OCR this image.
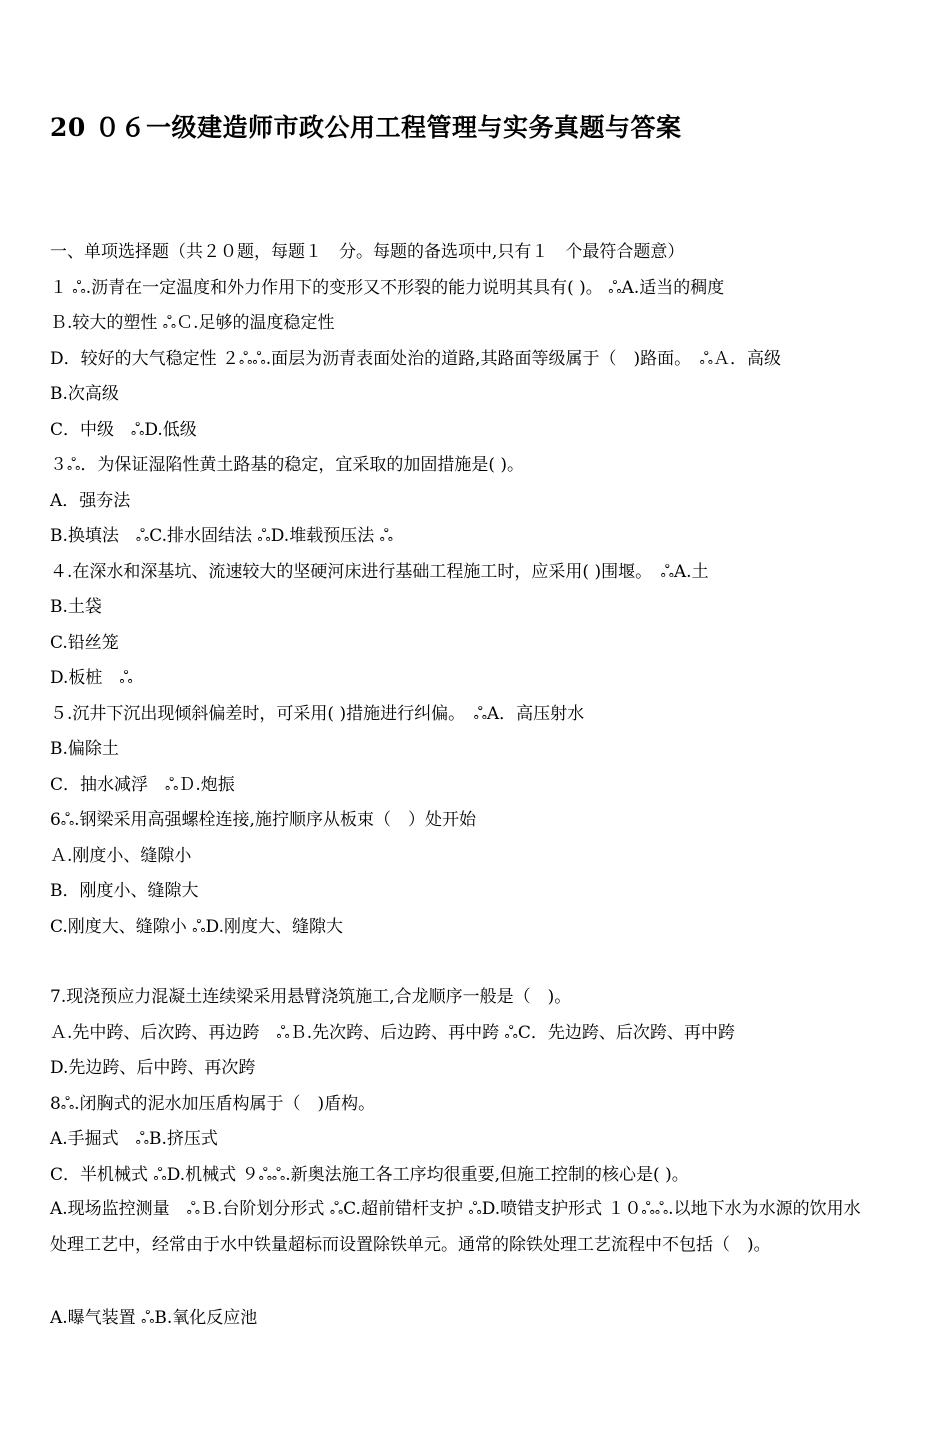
20 ０６一级建造师市政公用工程管理与实务真题与答案
一、单项选择题（共２０题，每题１　分。每题的备选项中,只有１　个最符合题意）
１ ஃ.沥青在一定温度和外力作用下的变形又不形裂的能力说明其具有( )。 ஃA.适当的稠度
Ｂ.较大的塑性 ஃＣ.足够的温度稳定性
D．较好的大气稳定性 ２ஃஃ.面层为沥青表面处治的道路,其路面等级属于（　)路面。　ஃＡ．高级
B.次高级
C．中级　ஃD.低级
３ஃ．为保证湿陷性黄土路基的稳定，宜采取的加固措施是( )。
A．强夯法
B.换填法　ஃC.排水固结法 ஃD.堆载预压法 ஃ
４.在深水和深基坑、流速较大的坚硬河床进行基础工程施工时，应采用( )围堰。　ஃA.土
B.土袋
C.铅丝笼
D.板桩　ஃ
５.沉井下沉出现倾斜偏差时，可采用( )措施进行纠偏。　ஃA．高压射水
B.偏除土
C．抽水减浮　ஃＤ.炮振
6ஃ.钢梁采用高强螺栓连接,施拧顺序从板束（　）处开始
Ａ.刚度小、缝隙小
B．刚度小、缝隙大
C.刚度大、缝隙小 ஃD.刚度大、缝隙大
7.现浇预应力混凝土连续梁采用悬臂浇筑施工,合龙顺序一般是（　)。
Ａ.先中跨、后次跨、再边跨　ஃＢ.先次跨、后边跨、再中跨 ஃC．先边跨、后次跨、再中跨
D.先边跨、后中跨、再次跨
8ஃ.闭胸式的泥水加压盾构属于（　)盾构。
A.手掘式　ஃB.挤压式
C．半机械式 ஃD.机械式 ９ஃஃ.新奥法施工各工序均很重要,但施工控制的核心是( )。
A.现场监控测量　ஃＢ.台阶划分形式 ஃC.超前错杆支护 ஃD.喷错支护形式 １０ஃஃ.以地下水为水源的饮用水处理工艺中，经常由于水中铁量超标而设置除铁单元。通常的除铁处理工艺流程中不包括（　)。
A.曝气装置 ஃB.氧化反应池
